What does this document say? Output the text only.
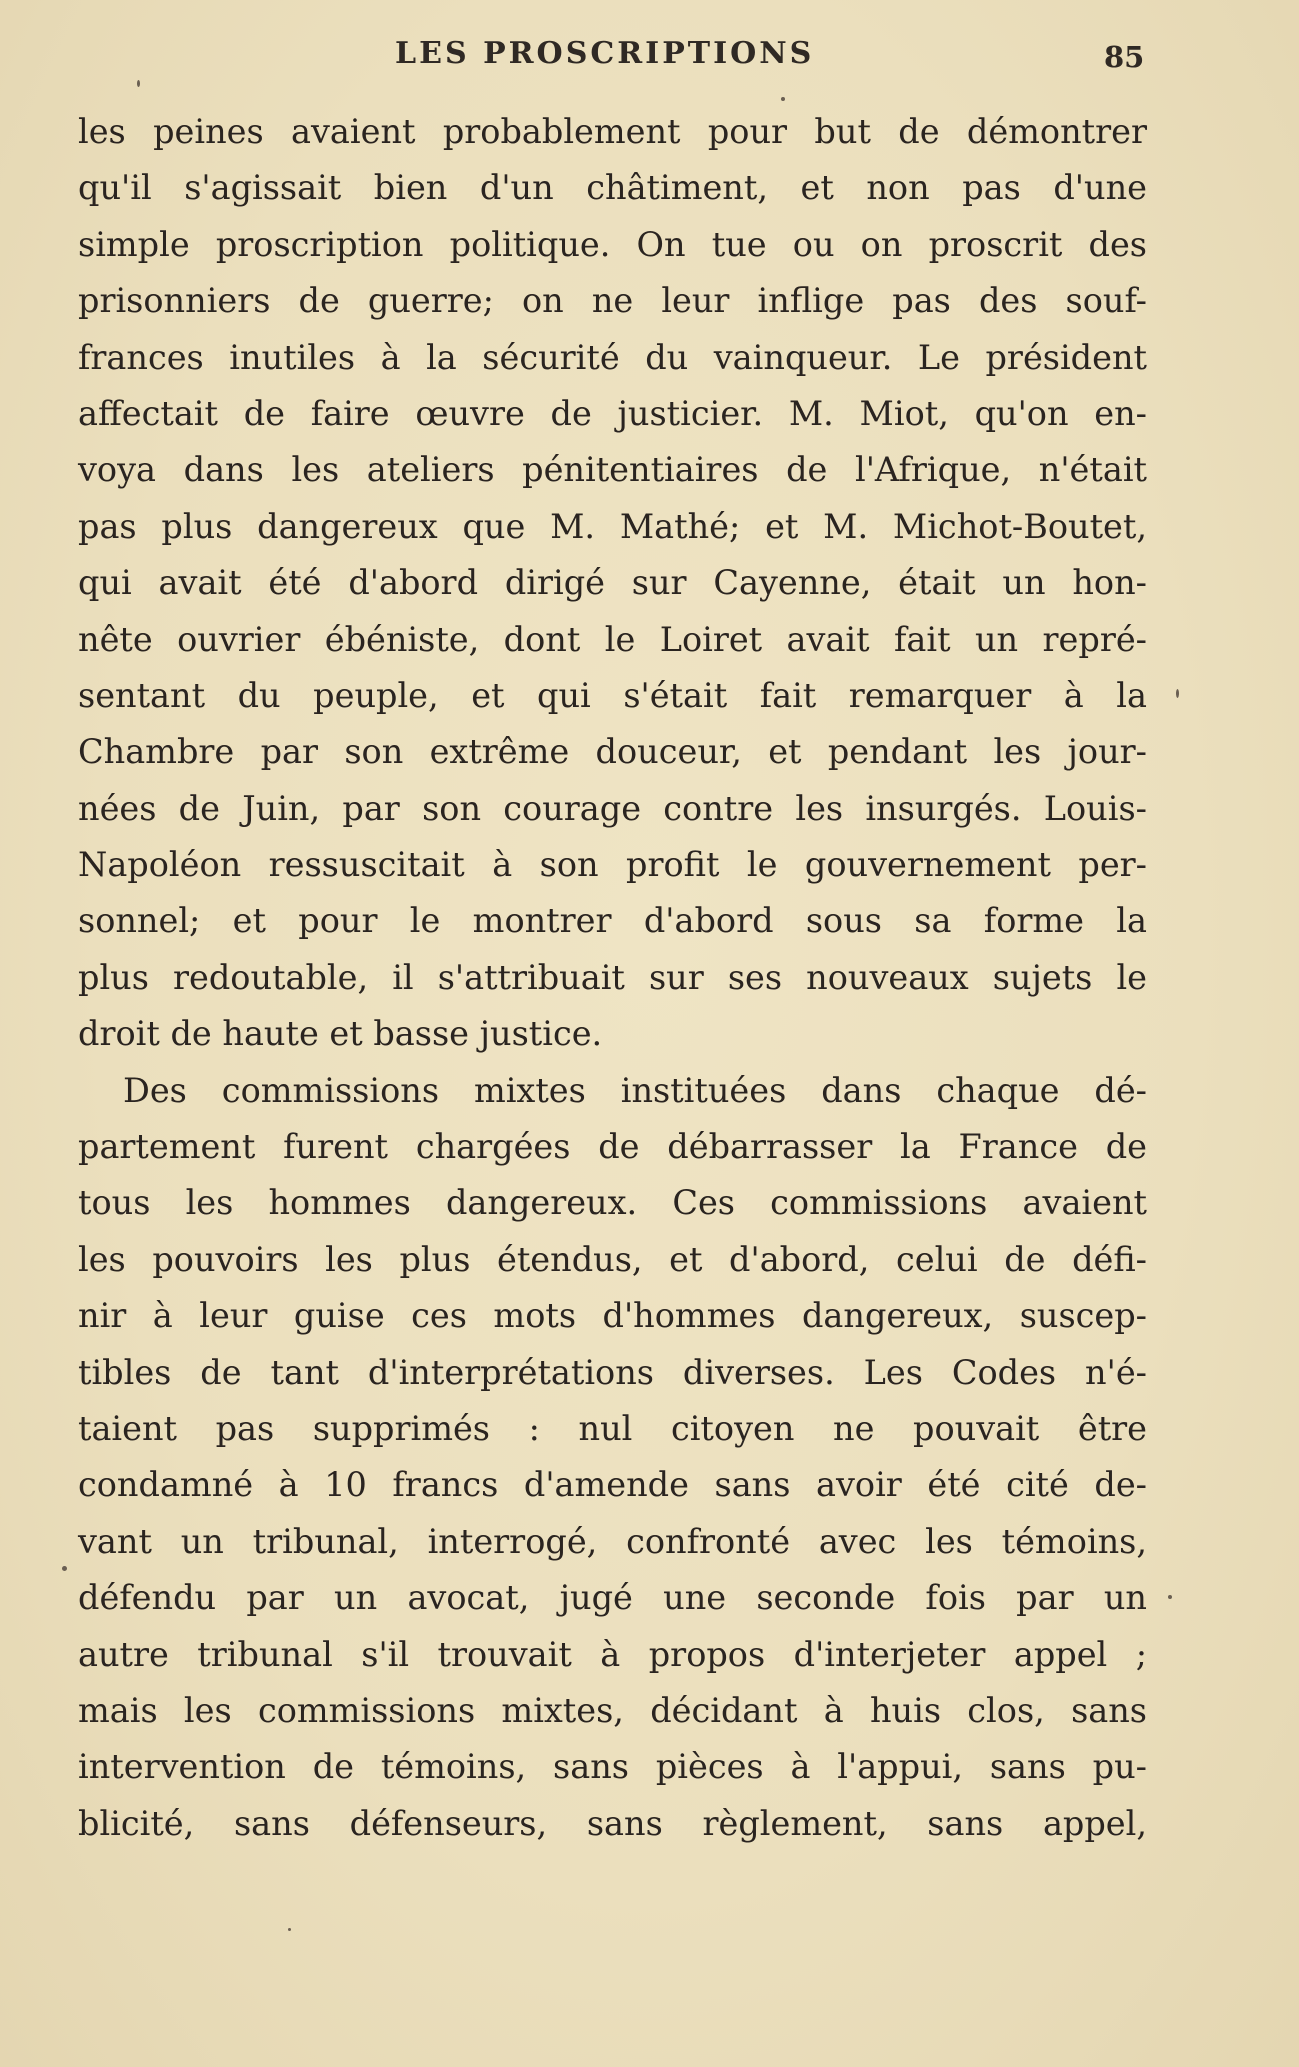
LES PROSCRIPTIONS	85
les peines avaient probablement pour but de démontrer
qu'il s'agissait bien d'un châtiment, et non pas d'une
simple proscription politique. On tue ou on proscrit des
prisonniers de guerre; on ne leur inflige pas des souf-
frances inutiles à la sécurité du vainqueur. Le président
affectait de faire œuvre de justicier. M. Miot, qu'on en-
voya dans les ateliers pénitentiaires de l'Afrique, n'était
pas plus dangereux que M. Mathé; et M. Michot-Boutet,
qui avait été d'abord dirigé sur Cayenne, était un hon-
nête ouvrier ébéniste, dont le Loiret avait fait un repré-
sentant du peuple, et qui s'était fait remarquer à la
Chambre par son extrême douceur, et pendant les jour-
nées de Juin, par son courage contre les insurgés. Louis-
Napoléon ressuscitait à son profit le gouvernement per-
sonnel; et pour le montrer d'abord sous sa forme la
plus redoutable, il s'attribuait sur ses nouveaux sujets le
droit de haute et basse justice.
Des commissions mixtes instituées dans chaque dé-
partement furent chargées de débarrasser la France de
tous les hommes dangereux. Ces commissions avaient
les pouvoirs les plus étendus, et d'abord, celui de défi-
nir à leur guise ces mots d'hommes dangereux, suscep-
tibles de tant d'interprétations diverses. Les Codes n'é-
taient pas supprimés : nul citoyen ne pouvait être
condamné à 10 francs d'amende sans avoir été cité de-
vant un tribunal, interrogé, confronté avec les témoins,
défendu par un avocat, jugé une seconde fois par un
autre tribunal s'il trouvait à propos d'interjeter appel ;
mais les commissions mixtes, décidant à huis clos, sans
intervention de témoins, sans pièces à l'appui, sans pu-
blicité, sans défenseurs, sans règlement, sans appel,
